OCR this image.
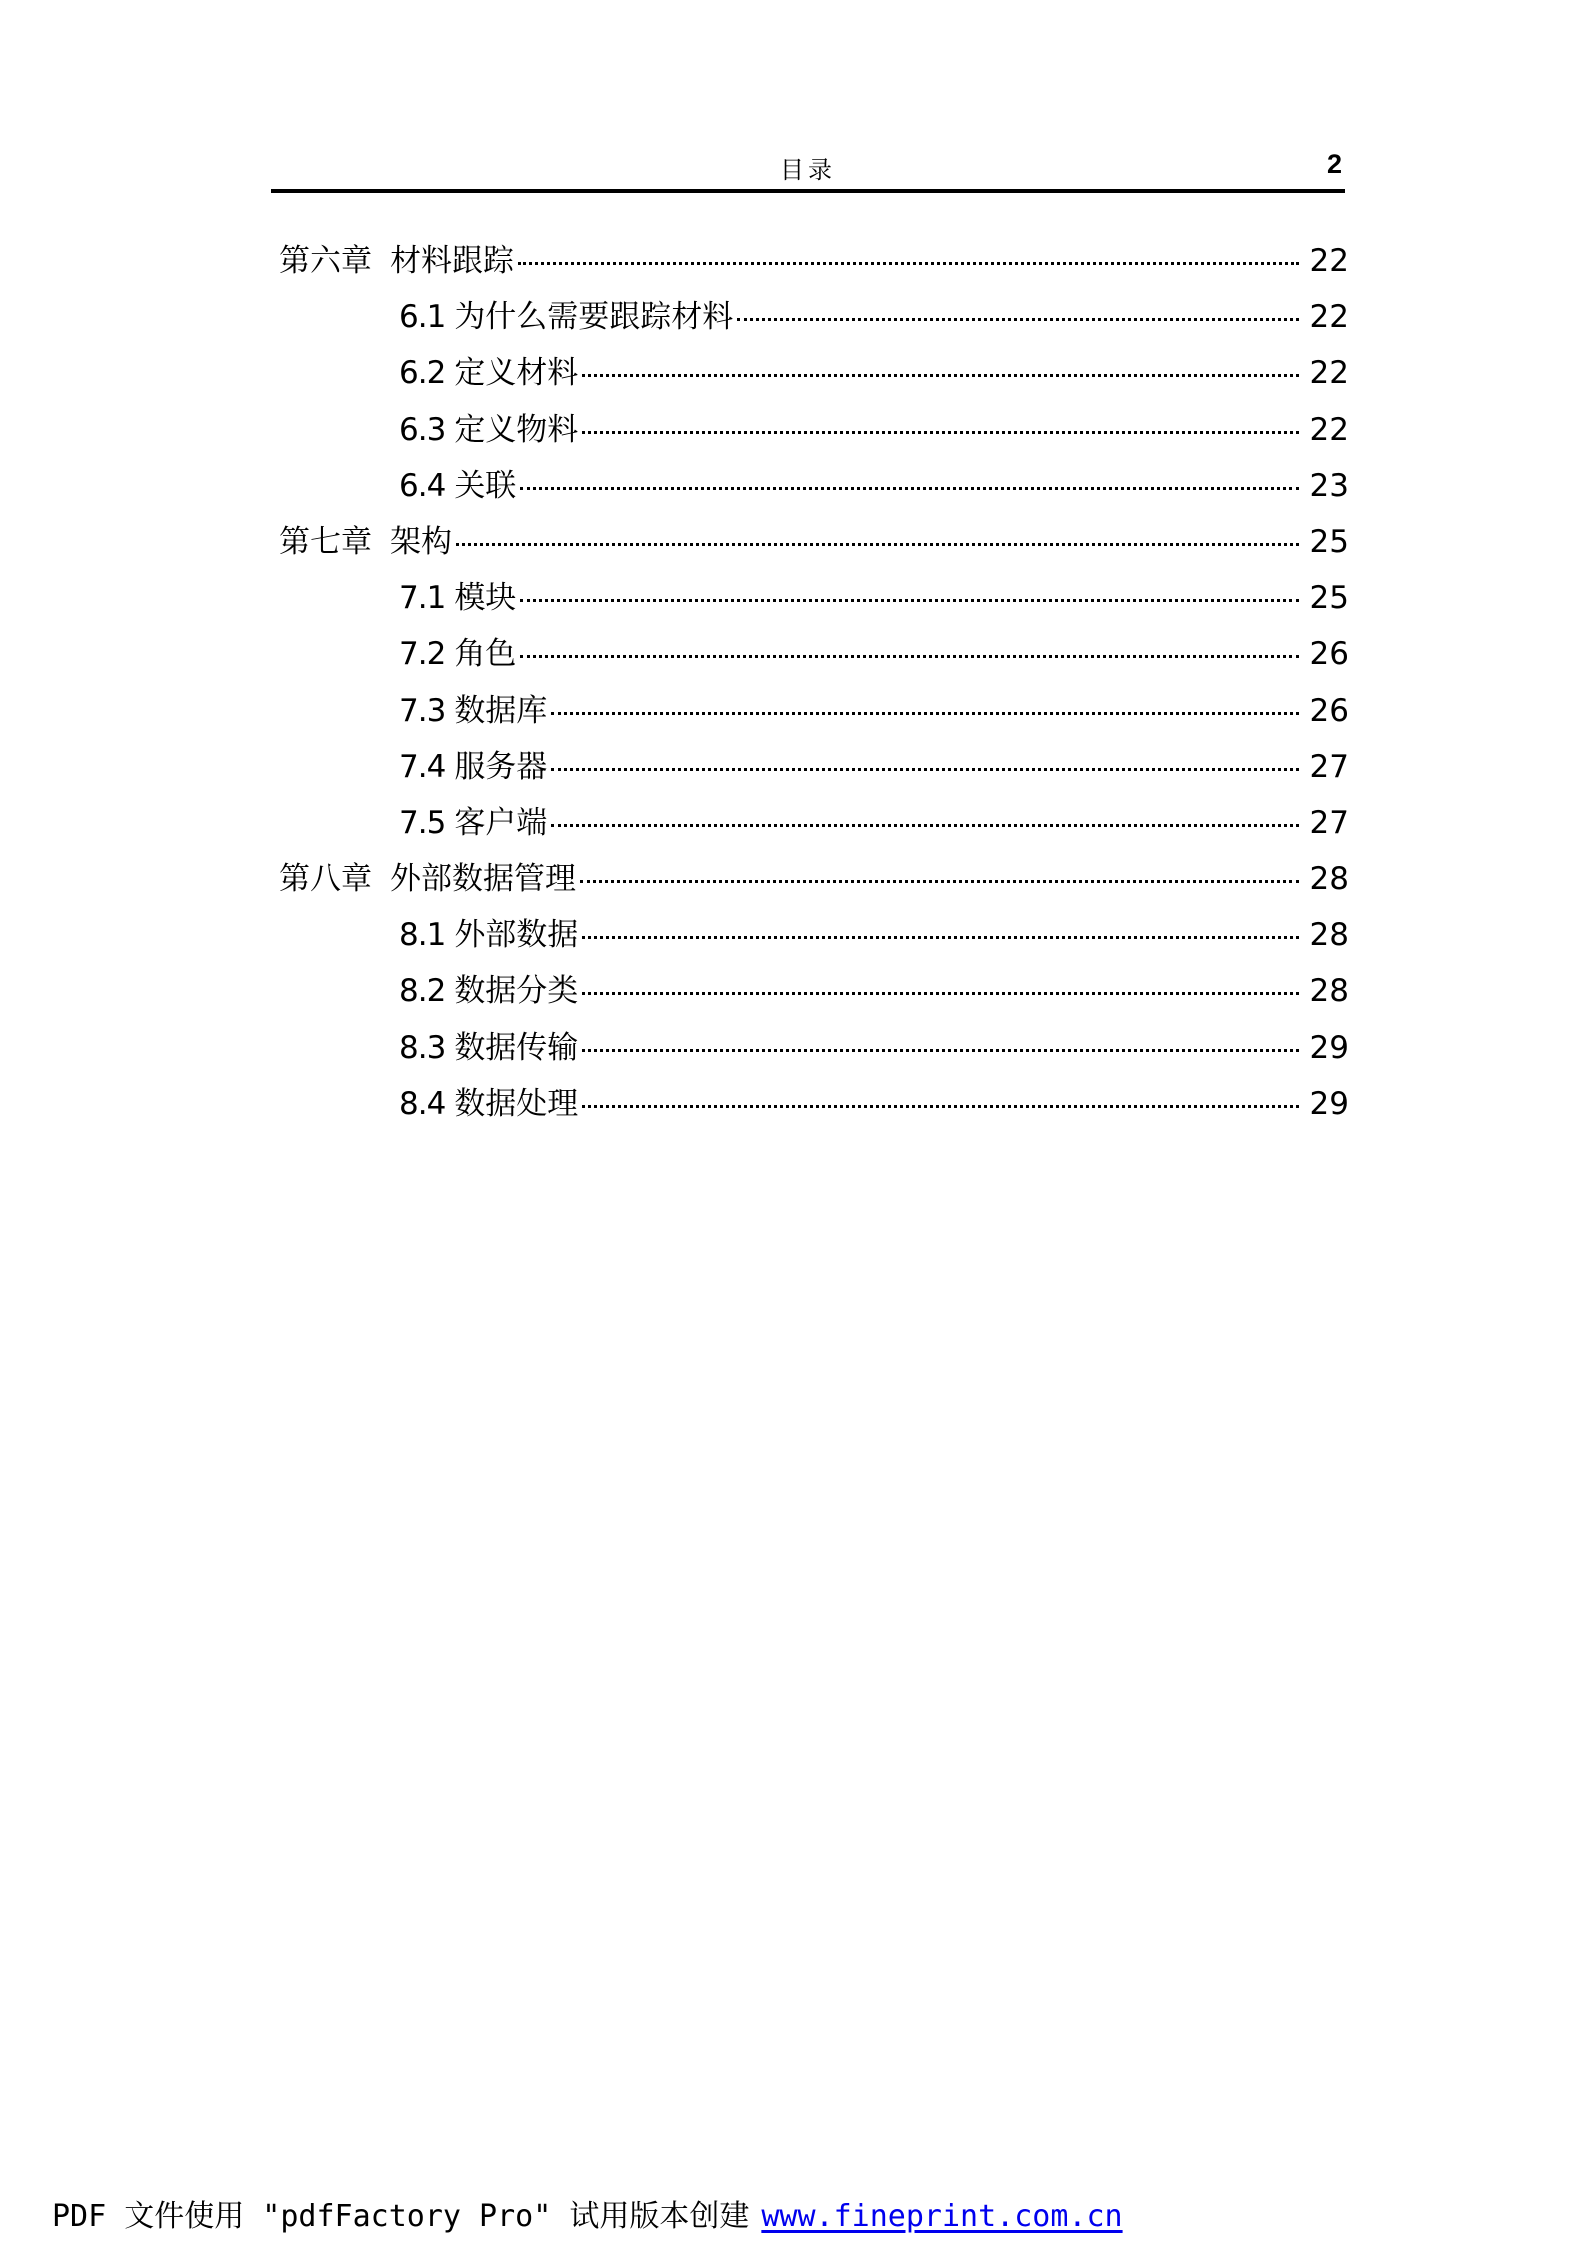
目录	2
第六章 材料跟踪	22
6.1 为什么需要跟踪材料	22
6.2 定义材料	22
6.3 定义物料	22
6.4 关联	23
第七章 架构	25
7.1 模块	25
7.2 角色	26
7.3 数据库	26
7.4 服务器	27
7.5 客户端	27
第八章 外部数据管理	28
8.1 外部数据	28
8.2 数据分类	28
8.3 数据传输	29
8.4 数据处理	29
PDF 文件使用 "pdfFactory Pro" 试用版本创建 www.fineprint.com.cn
